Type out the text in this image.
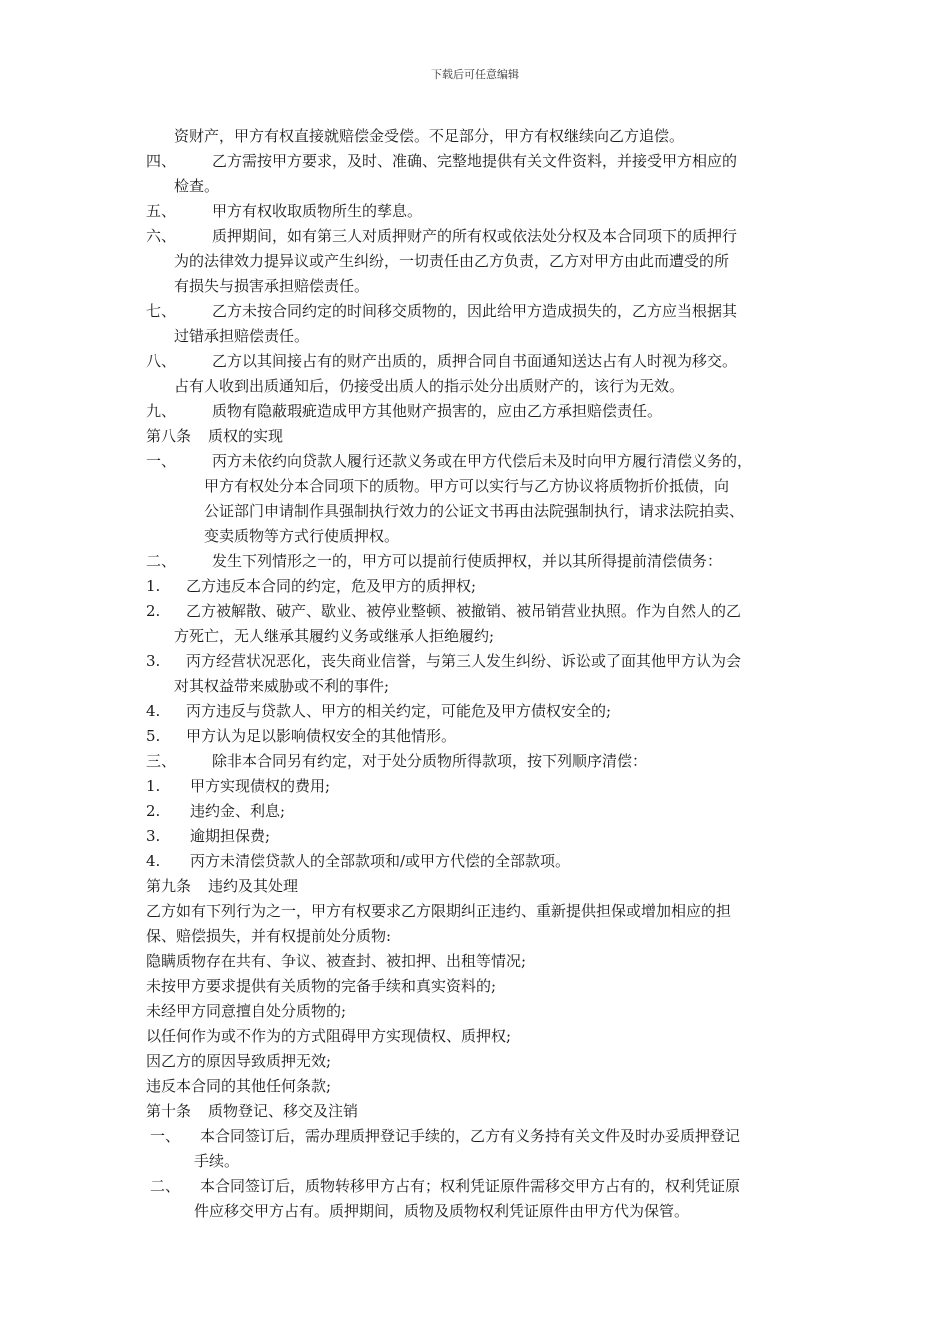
下载后可任意编辑
资财产，甲方有权直接就赔偿金受偿。不足部分，甲方有权继续向乙方追偿。
四、 乙方需按甲方要求，及时、准确、完整地提供有关文件资料，并接受甲方相应的
检查。
五、 甲方有权收取质物所生的孳息。
六、 质押期间，如有第三人对质押财产的所有权或依法处分权及本合同项下的质押行
为的法律效力提异议或产生纠纷，一切责任由乙方负责，乙方对甲方由此而遭受的所
有损失与损害承担赔偿责任。
七、 乙方未按合同约定的时间移交质物的，因此给甲方造成损失的，乙方应当根据其
过错承担赔偿责任。
八、 乙方以其间接占有的财产出质的，质押合同自书面通知送达占有人时视为移交。
占有人收到出质通知后，仍接受出质人的指示处分出质财产的，该行为无效。
九、 质物有隐蔽瑕疵造成甲方其他财产损害的，应由乙方承担赔偿责任。
第八条 质权的实现
一、 丙方未依约向贷款人履行还款义务或在甲方代偿后未及时向甲方履行清偿义务的，
甲方有权处分本合同项下的质物。甲方可以实行与乙方协议将质物折价抵债，向
公证部门申请制作具强制执行效力的公证文书再由法院强制执行，请求法院拍卖、
变卖质物等方式行使质押权。
二、 发生下列情形之一的，甲方可以提前行使质押权，并以其所得提前清偿债务：
1. 乙方违反本合同的约定，危及甲方的质押权;
2. 乙方被解散、破产、歇业、被停业整顿、被撤销、被吊销营业执照。作为自然人的乙
方死亡，无人继承其履约义务或继承人拒绝履约;
3. 丙方经营状况恶化，丧失商业信誉，与第三人发生纠纷、诉讼或了面其他甲方认为会
对其权益带来威胁或不利的事件;
4. 丙方违反与贷款人、甲方的相关约定，可能危及甲方债权安全的;
5. 甲方认为足以影响债权安全的其他情形。
三、 除非本合同另有约定，对于处分质物所得款项，按下列顺序清偿：
1. 甲方实现债权的费用;
2. 违约金、利息;
3. 逾期担保费;
4. 丙方未清偿贷款人的全部款项和/或甲方代偿的全部款项。
第九条 违约及其处理
乙方如有下列行为之一，甲方有权要求乙方限期纠正违约、重新提供担保或增加相应的担
保、赔偿损失，并有权提前处分质物:
隐瞒质物存在共有、争议、被查封、被扣押、出租等情况;
未按甲方要求提供有关质物的完备手续和真实资料的;
未经甲方同意擅自处分质物的;
以任何作为或不作为的方式阻碍甲方实现债权、质押权;
因乙方的原因导致质押无效;
违反本合同的其他任何条款;
第十条 质物登记、移交及注销
一、 本合同签订后，需办理质押登记手续的，乙方有义务持有关文件及时办妥质押登记
手续。
二、 本合同签订后，质物转移甲方占有；权利凭证原件需移交甲方占有的，权利凭证原
件应移交甲方占有。质押期间，质物及质物权利凭证原件由甲方代为保管。
